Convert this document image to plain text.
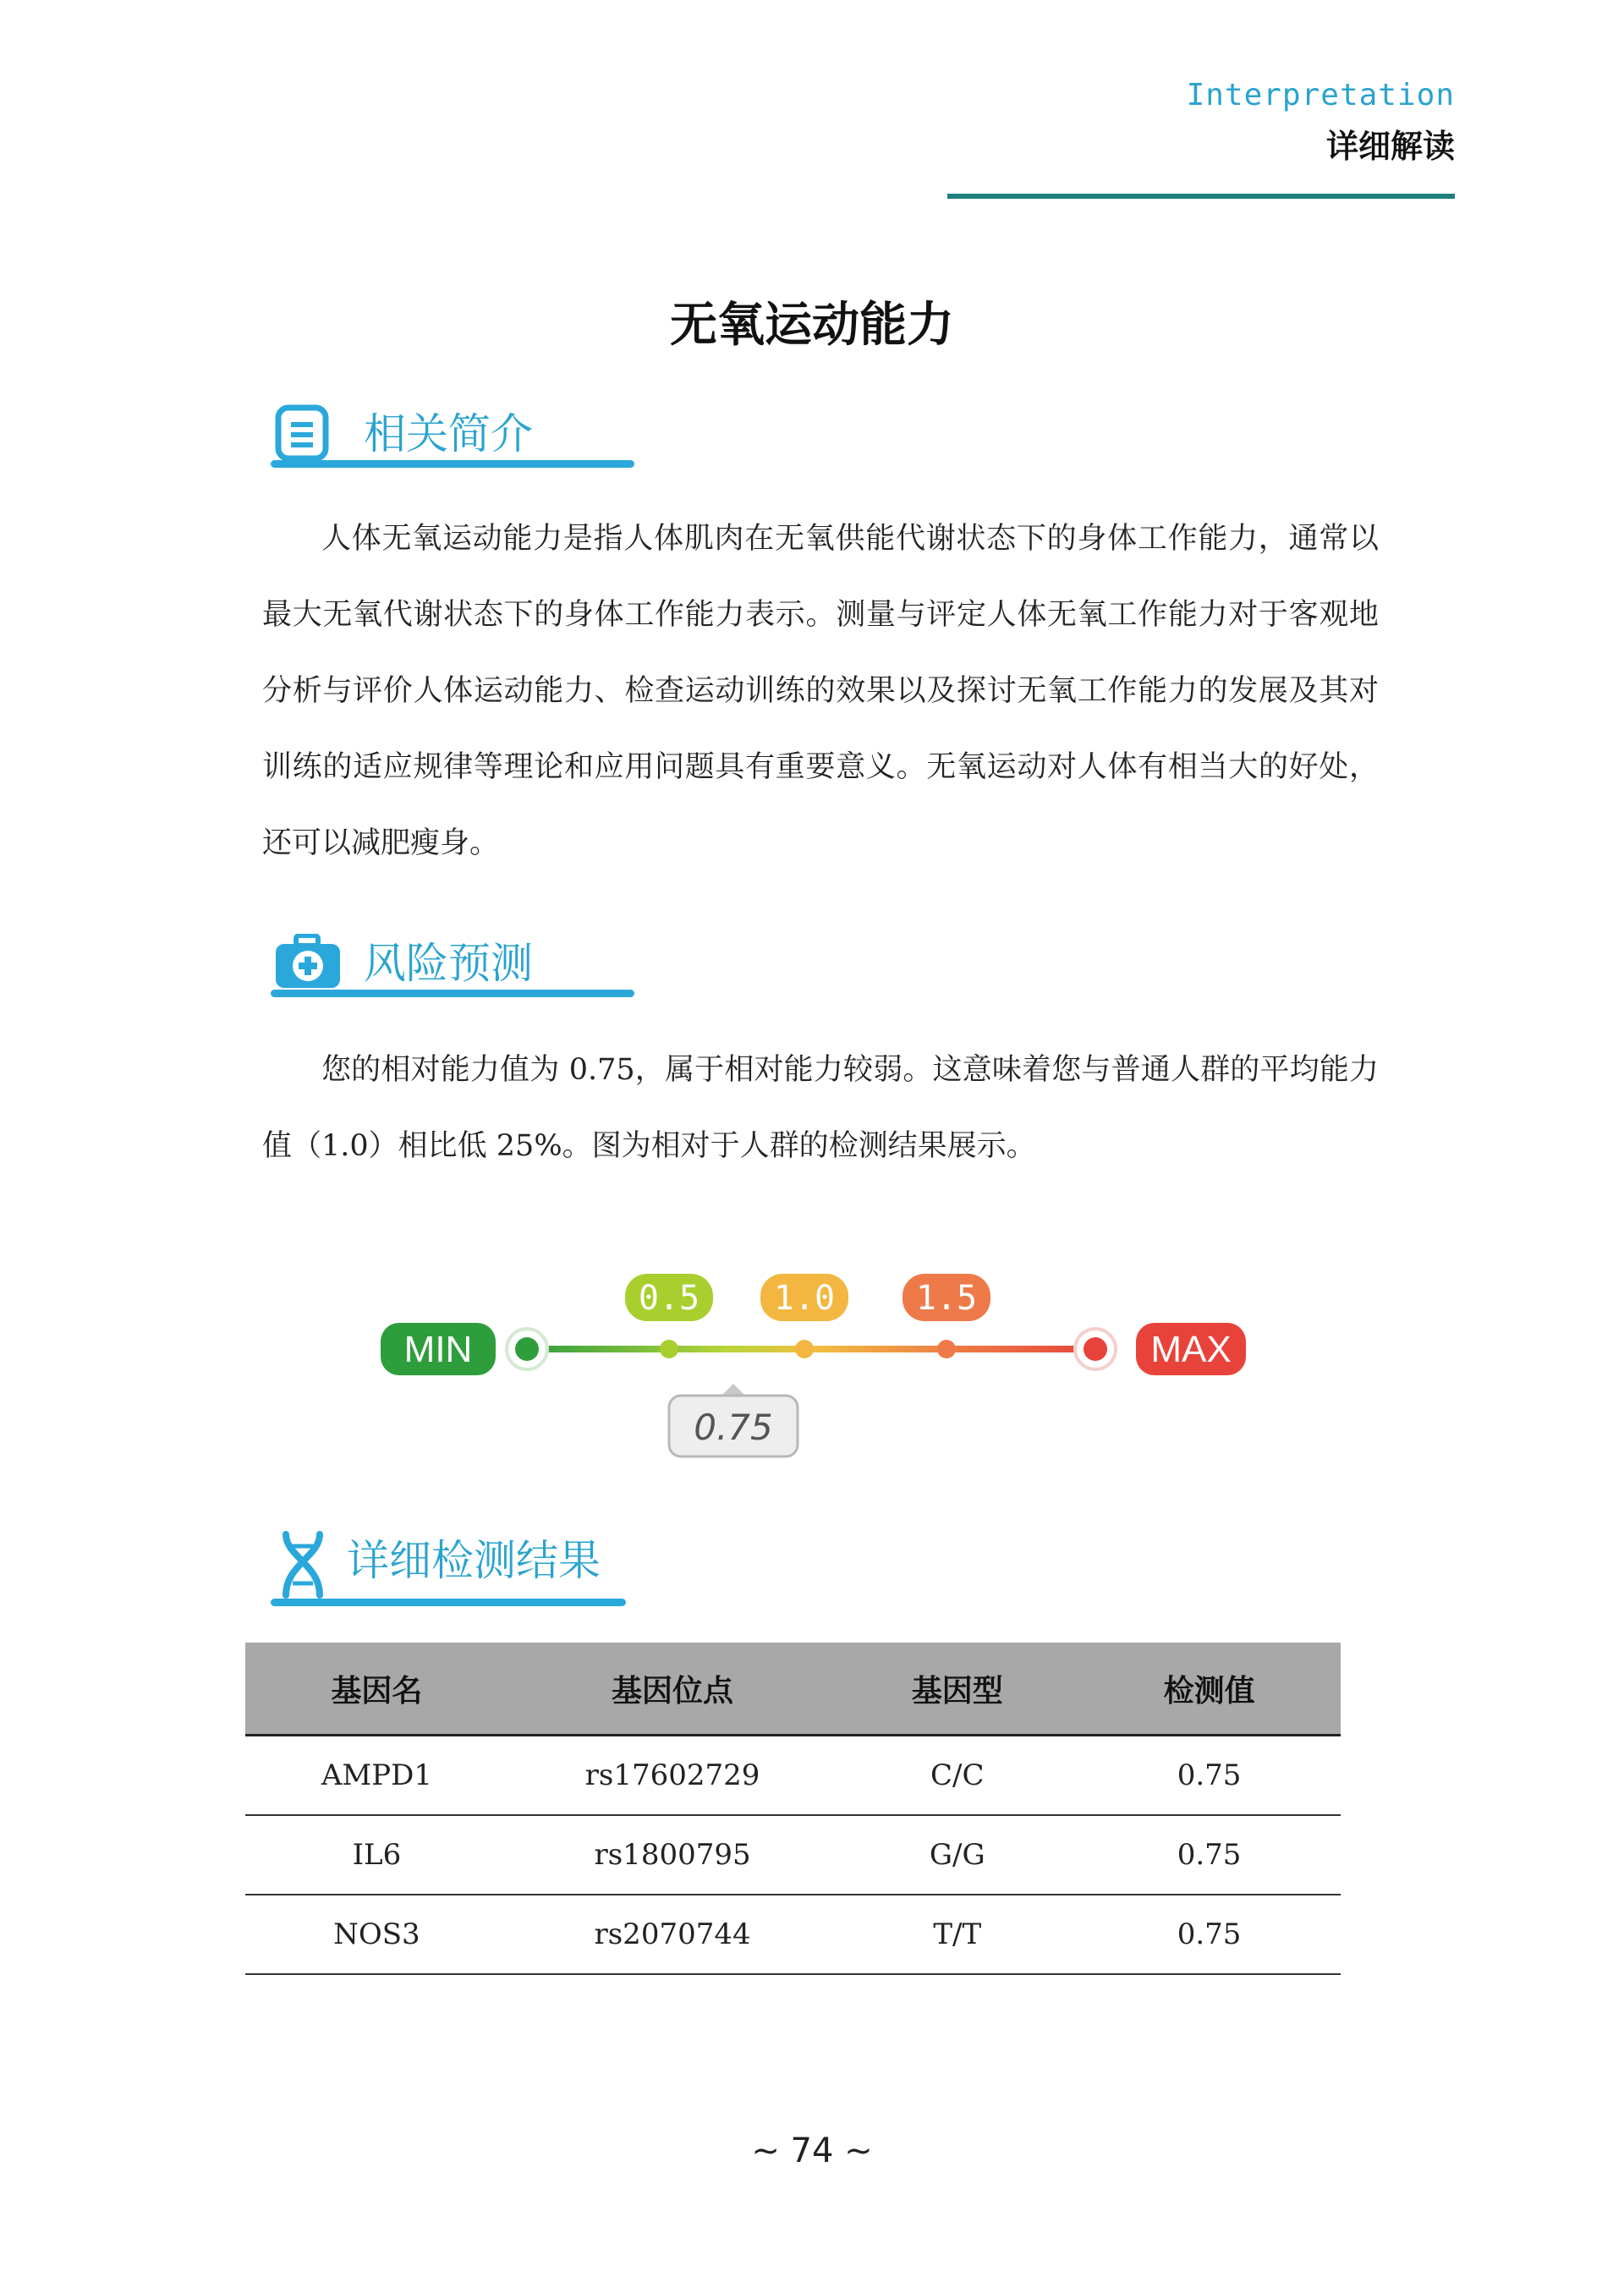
Interpretation
详细解读
无氧运动能力
相关简介

人体无氧运动能力是指人体肌肉在无氧供能代谢状态下的身体工作能力，通常以最大无氧代谢状态下的身体工作能力表示。测量与评定人体无氧工作能力对于客观地分析与评价人体运动能力、检查运动训练的效果以及探讨无氧工作能力的发展及其对训练的适应规律等理论和应用问题具有重要意义。无氧运动对人体有相当大的好处，还可以减肥瘦身。

风险预测

您的相对能力值为 0.75，属于相对能力较弱。这意味着您与普通人群的平均能力值（1.0）相比低 25%。图为相对于人群的检测结果展示。

MIN	MAX
0.5 1.0 1.5
0.75
详细检测结果
基因名	基因位点	基因型	检测值
AMPD1	rs17602729	C/C	0.75
IL6	rs1800795	G/G	0.75
NOS3	rs2070744	T/T	0.75
~ 74 ~
